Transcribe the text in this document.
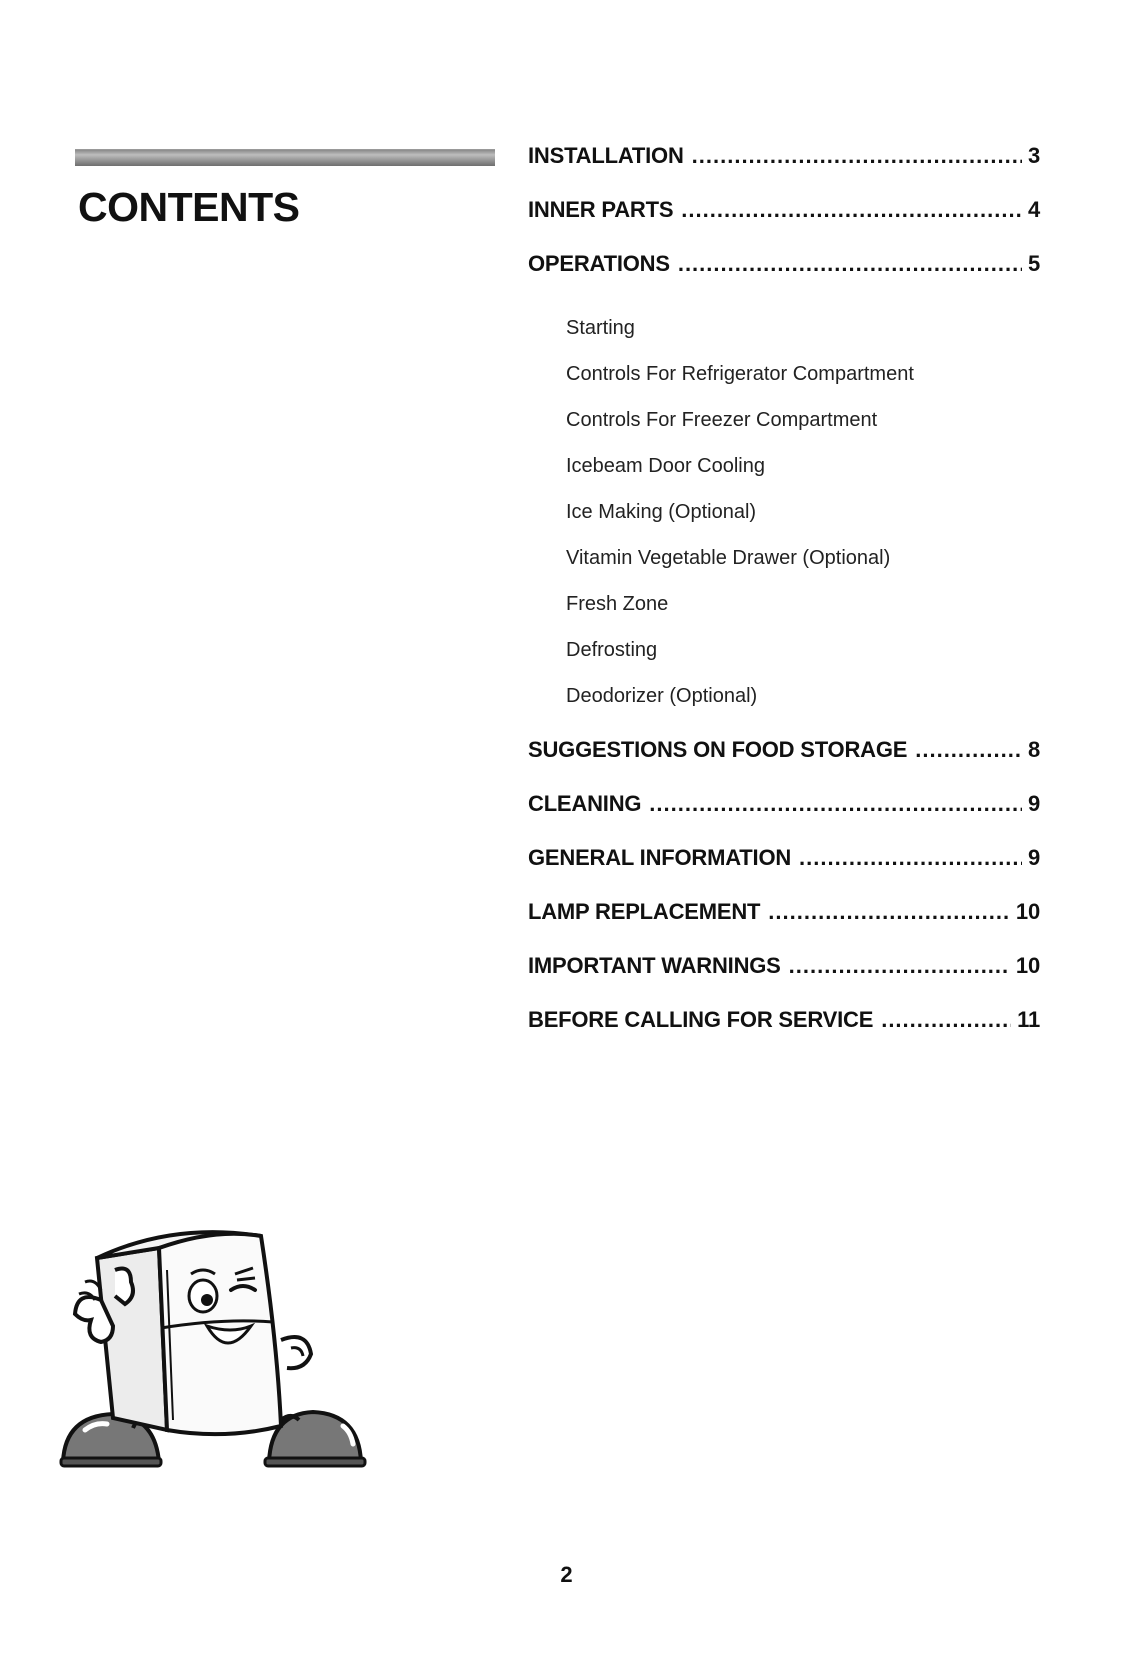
CONTENTS
INSTALLATION .....	3
INNER PARTS .....	4
OPERATIONS .....	5
Starting
Controls For Refrigerator Compartment
Controls For Freezer Compartment
Icebeam Door Cooling
Ice Making (Optional)
Vitamin Vegetable Drawer (Optional)
Fresh Zone
Defrosting
Deodorizer (Optional)
SUGGESTIONS ON FOOD STORAGE .....	8
CLEANING .....	9
GENERAL INFORMATION .....	9
LAMP REPLACEMENT .....	10
IMPORTANT WARNINGS .....	10
BEFORE CALLING FOR SERVICE .....	11
2
